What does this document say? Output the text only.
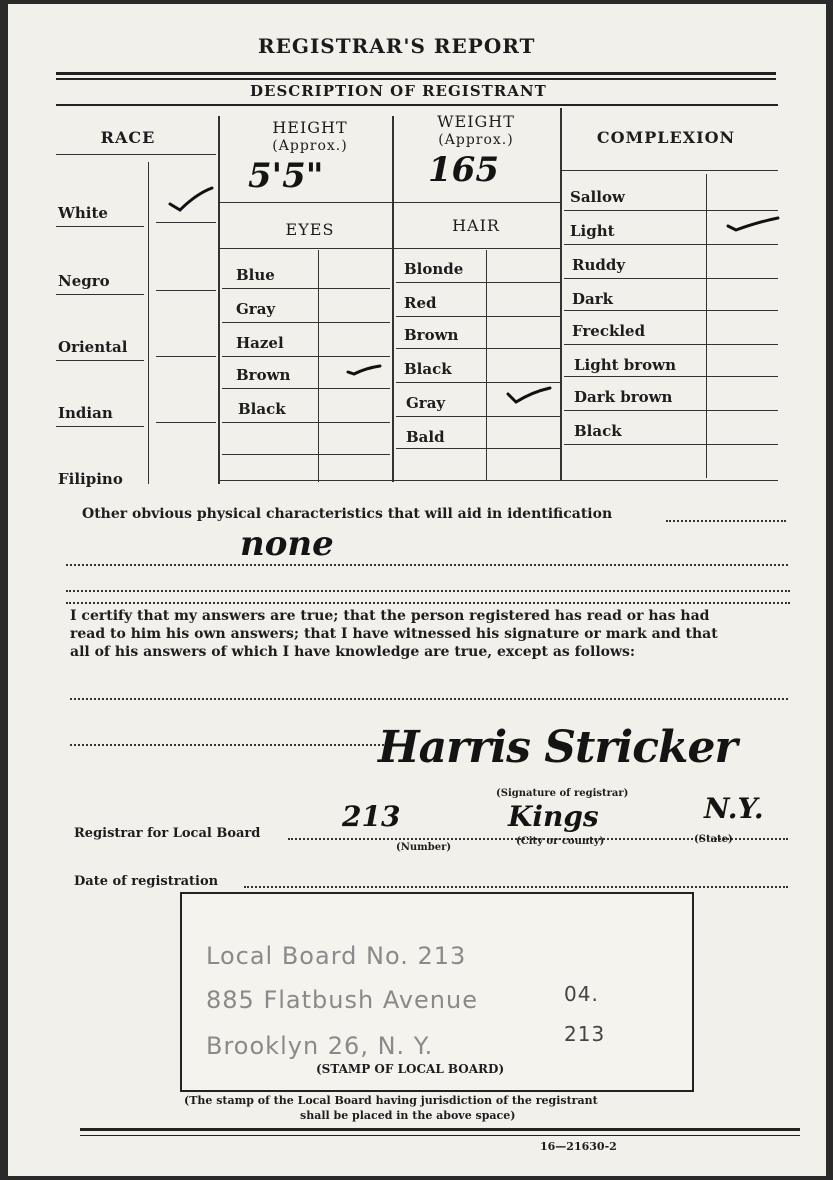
REGISTRAR'S REPORT
DESCRIPTION OF REGISTRANT
RACE
White
Negro
Oriental
Indian
Filipino
HEIGHT
(Approx.)
5'5"
WEIGHT
(Approx.)
165
COMPLEXION
Sallow
Light
Ruddy
Dark
Freckled
Light brown
Dark brown
Black
EYES
Blue
Gray
Hazel
Brown
Black
HAIR
Blonde
Red
Brown
Black
Gray
Bald
Other obvious physical characteristics that will aid in identification
none
I certify that my answers are true; that the person registered has read or has had
read to him his own answers; that I have witnessed his signature or mark and that
all of his answers of which I have knowledge are true, except as follows:
Harris Stricker
(Signature of registrar)
Registrar for Local Board
213	Kings	N.Y.
(Number)
(City or county)	(State)
Date of registration
Local Board No. 213
885 Flatbush Avenue
Brooklyn 26, N. Y.
04.
213
(STAMP OF LOCAL BOARD)
(The stamp of the Local Board having jurisdiction of the registrant
shall be placed in the above space)
16—21630-2
